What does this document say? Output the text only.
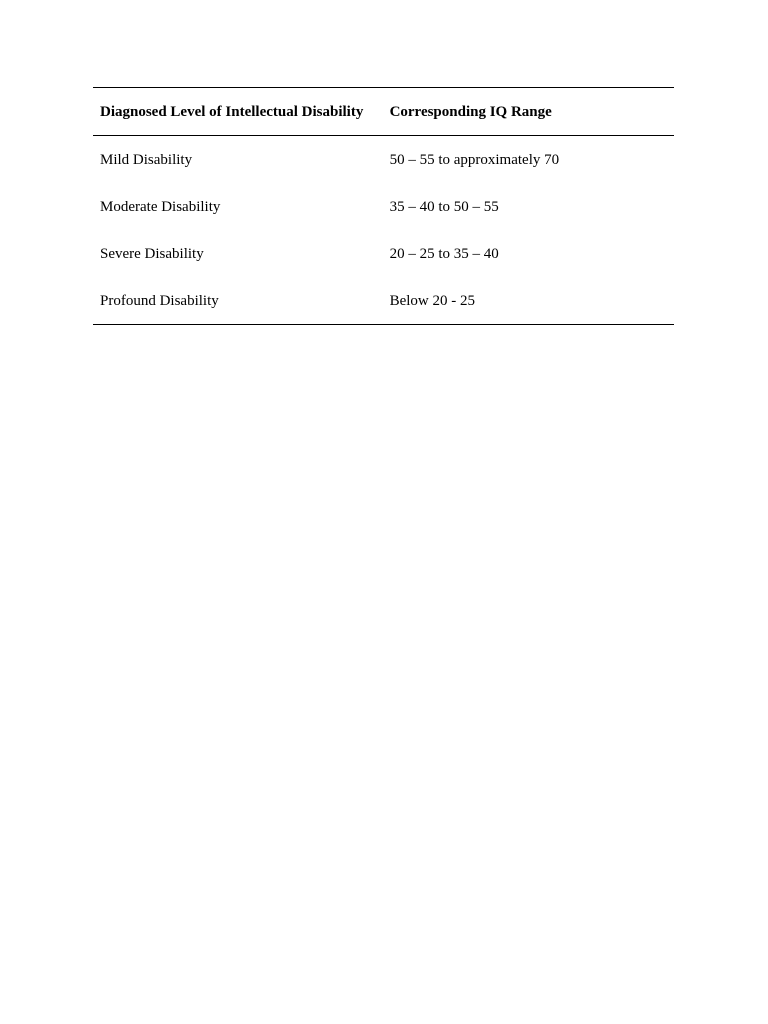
Diagnosed Level of Intellectual Disability	Corresponding IQ Range
Mild Disability	50 – 55 to approximately 70
Moderate Disability	35 – 40 to 50 – 55
Severe Disability	20 – 25 to 35 – 40
Profound Disability	Below 20 - 25
